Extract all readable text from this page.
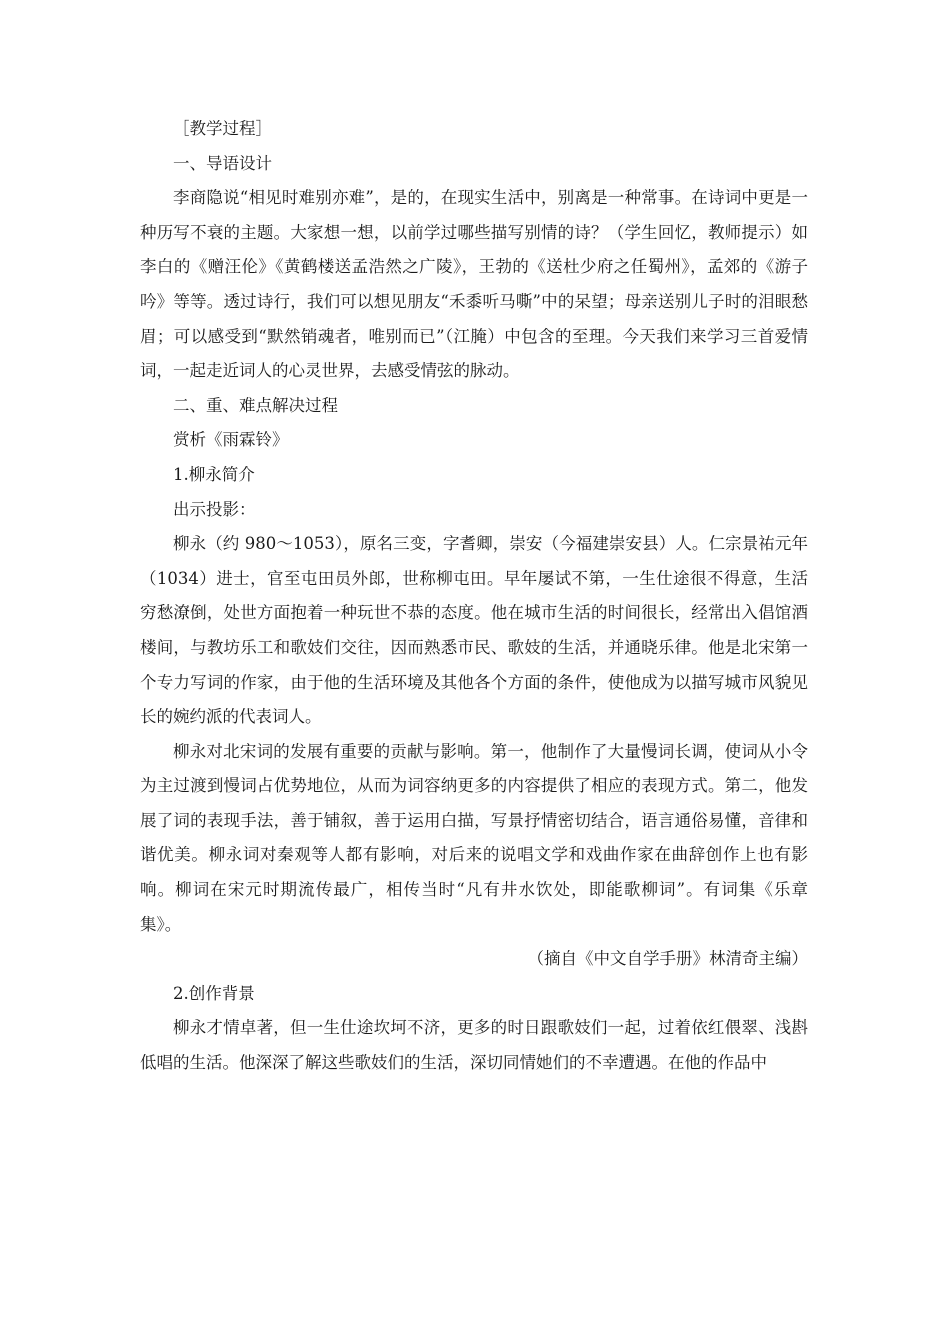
［教学过程］

一、导语设计

李商隐说“相见时难别亦难”，是的，在现实生活中，别离是一种常事。在诗词中更是一种历写不衰的主题。大家想一想，以前学过哪些描写别情的诗？（学生回忆，教师提示）如李白的《赠汪伦》《黄鹤楼送孟浩然之广陵》，王勃的《送杜少府之任蜀州》，孟郊的《游子吟》等等。透过诗行，我们可以想见朋友“禾黍听马嘶”中的呆望；母亲送别儿子时的泪眼愁眉；可以感受到“默然销魂者，唯别而已”（江腌）中包含的至理。今天我们来学习三首爱情词，一起走近词人的心灵世界，去感受情弦的脉动。

二、重、难点解决过程

赏析《雨霖铃》

1.柳永简介

出示投影：

柳永（约 980～1053），原名三变，字耆卿，崇安（今福建崇安县）人。仁宗景祐元年（1034）进士，官至屯田员外郎，世称柳屯田。早年屡试不第，一生仕途很不得意，生活穷愁潦倒，处世方面抱着一种玩世不恭的态度。他在城市生活的时间很长，经常出入倡馆酒楼间，与教坊乐工和歌妓们交往，因而熟悉市民、歌妓的生活，并通晓乐律。他是北宋第一个专力写词的作家，由于他的生活环境及其他各个方面的条件，使他成为以描写城市风貌见长的婉约派的代表词人。

柳永对北宋词的发展有重要的贡献与影响。第一，他制作了大量慢词长调，使词从小令为主过渡到慢词占优势地位，从而为词容纳更多的内容提供了相应的表现方式。第二，他发展了词的表现手法，善于铺叙，善于运用白描，写景抒情密切结合，语言通俗易懂，音律和谐优美。柳永词对秦观等人都有影响，对后来的说唱文学和戏曲作家在曲辞创作上也有影响。柳词在宋元时期流传最广，相传当时“凡有井水饮处，即能歌柳词”。有词集《乐章集》。

（摘自《中文自学手册》林清奇主编）

2.创作背景

柳永才情卓著，但一生仕途坎坷不济，更多的时日跟歌妓们一起，过着依红偎翠、浅斟低唱的生活。他深深了解这些歌妓们的生活，深切同情她们的不幸遭遇。在他的作品中
